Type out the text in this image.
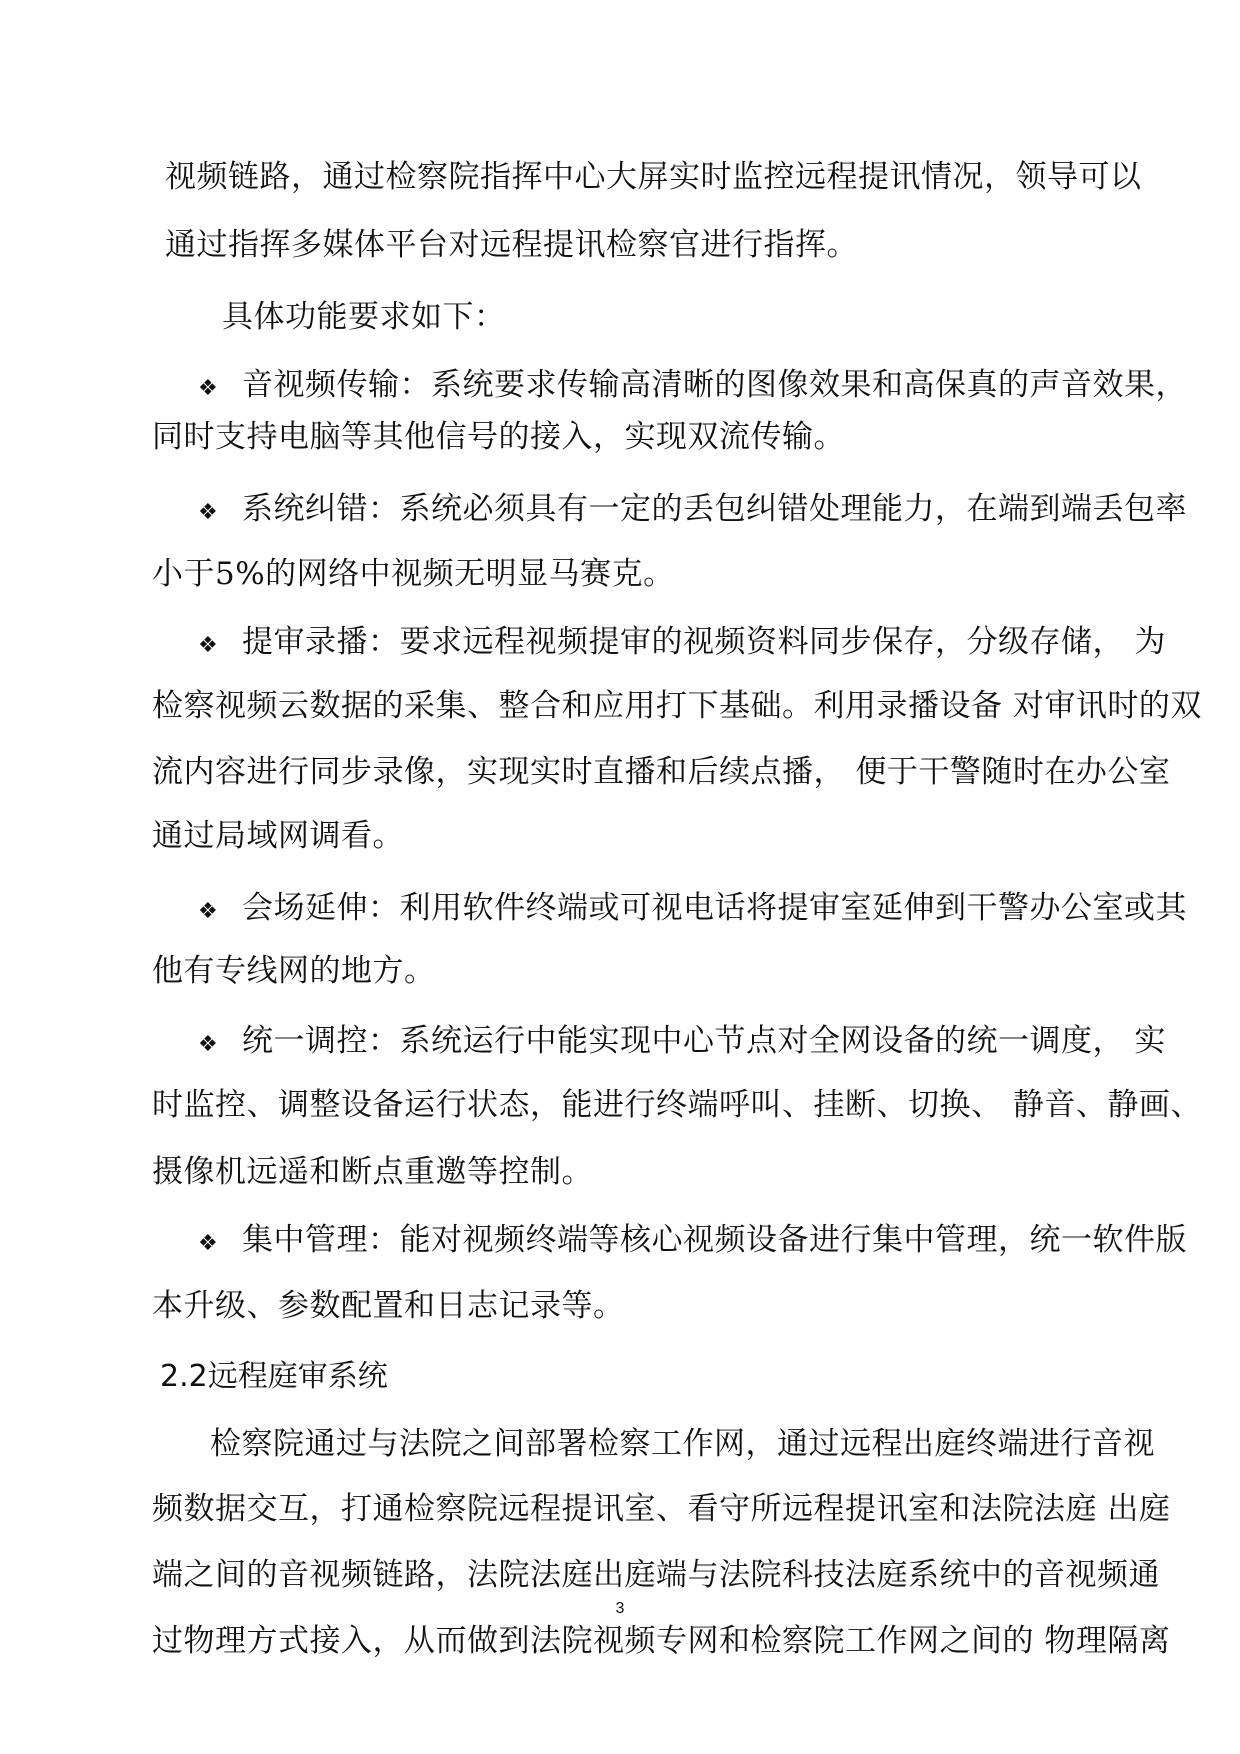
视频链路，通过检察院指挥中心大屏实时监控远程提讯情况，领导可以
通过指挥多媒体平台对远程提讯检察官进行指挥。
具体功能要求如下：
❖ 音视频传输：系统要求传输高清晰的图像效果和高保真的声音效果，
同时支持电脑等其他信号的接入，实现双流传输。
❖ 系统纠错：系统必须具有一定的丢包纠错处理能力，在端到端丢包率
小于5%的网络中视频无明显马赛克。
❖ 提审录播：要求远程视频提审的视频资料同步保存，分级存储， 为
检察视频云数据的采集、整合和应用打下基础。利用录播设备 对审讯时的双
流内容进行同步录像，实现实时直播和后续点播， 便于干警随时在办公室
通过局域网调看。
❖ 会场延伸：利用软件终端或可视电话将提审室延伸到干警办公室或其
他有专线网的地方。
❖ 统一调控：系统运行中能实现中心节点对全网设备的统一调度， 实
时监控、调整设备运行状态，能进行终端呼叫、挂断、切换、 静音、静画、
摄像机远遥和断点重邀等控制。
❖ 集中管理：能对视频终端等核心视频设备进行集中管理，统一软件版
本升级、参数配置和日志记录等。
2.2远程庭审系统
检察院通过与法院之间部署检察工作网，通过远程出庭终端进行音视
频数据交互，打通检察院远程提讯室、看守所远程提讯室和法院法庭 出庭
端之间的音视频链路，法院法庭出庭端与法院科技法庭系统中的音视频通
过物理方式接入，从而做到法院视频专网和检察院工作网之间的 物理隔离
3
